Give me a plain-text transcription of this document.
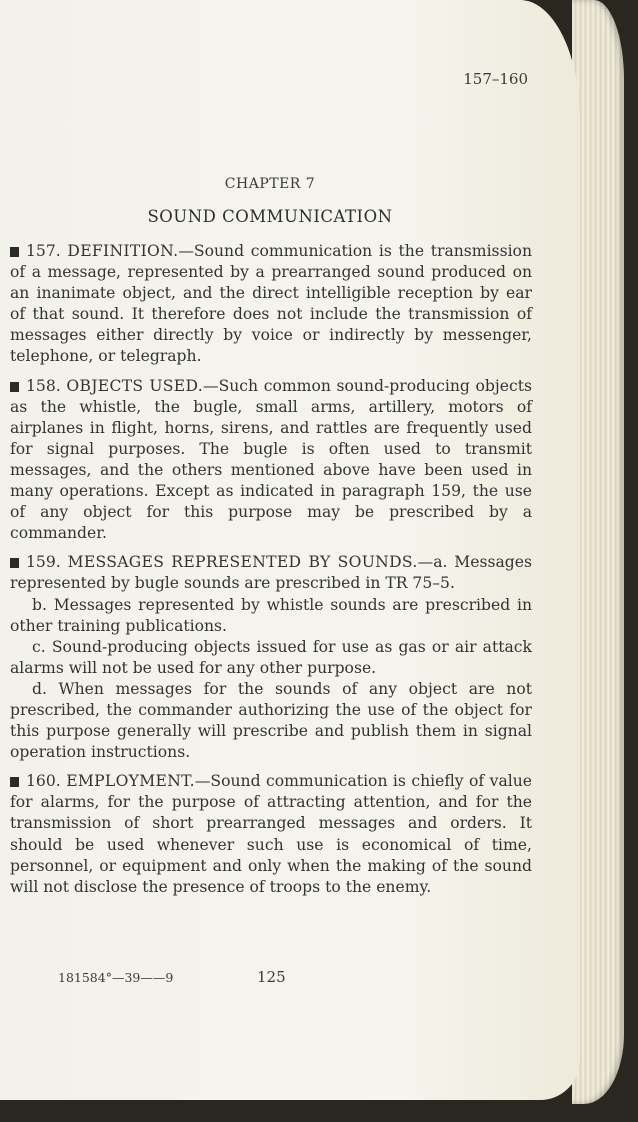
157–160

CHAPTER 7
SOUND COMMUNICATION

157. DEFINITION.—Sound communication is the transmission of a message, represented by a prearranged sound produced on an inanimate object, and the direct intelligible reception by ear of that sound. It therefore does not include the transmission of messages either directly by voice or indirectly by messenger, telephone, or telegraph.

158. OBJECTS USED.—Such common sound-producing objects as the whistle, the bugle, small arms, artillery, motors of airplanes in flight, horns, sirens, and rattles are frequently used for signal purposes. The bugle is often used to transmit messages, and the others mentioned above have been used in many operations. Except as indicated in paragraph 159, the use of any object for this purpose may be prescribed by a commander.

159. MESSAGES REPRESENTED BY SOUNDS.—a. Messages represented by bugle sounds are prescribed in TR 75–5.

b. Messages represented by whistle sounds are prescribed in other training publications.

c. Sound-producing objects issued for use as gas or air attack alarms will not be used for any other purpose.

d. When messages for the sounds of any object are not prescribed, the commander authorizing the use of the object for this purpose generally will prescribe and publish them in signal operation instructions.

160. EMPLOYMENT.—Sound communication is chiefly of value for alarms, for the purpose of attracting attention, and for the transmission of short prearranged messages and orders. It should be used whenever such use is economical of time, personnel, or equipment and only when the making of the sound will not disclose the presence of troops to the enemy.

181584°—39——9	125
